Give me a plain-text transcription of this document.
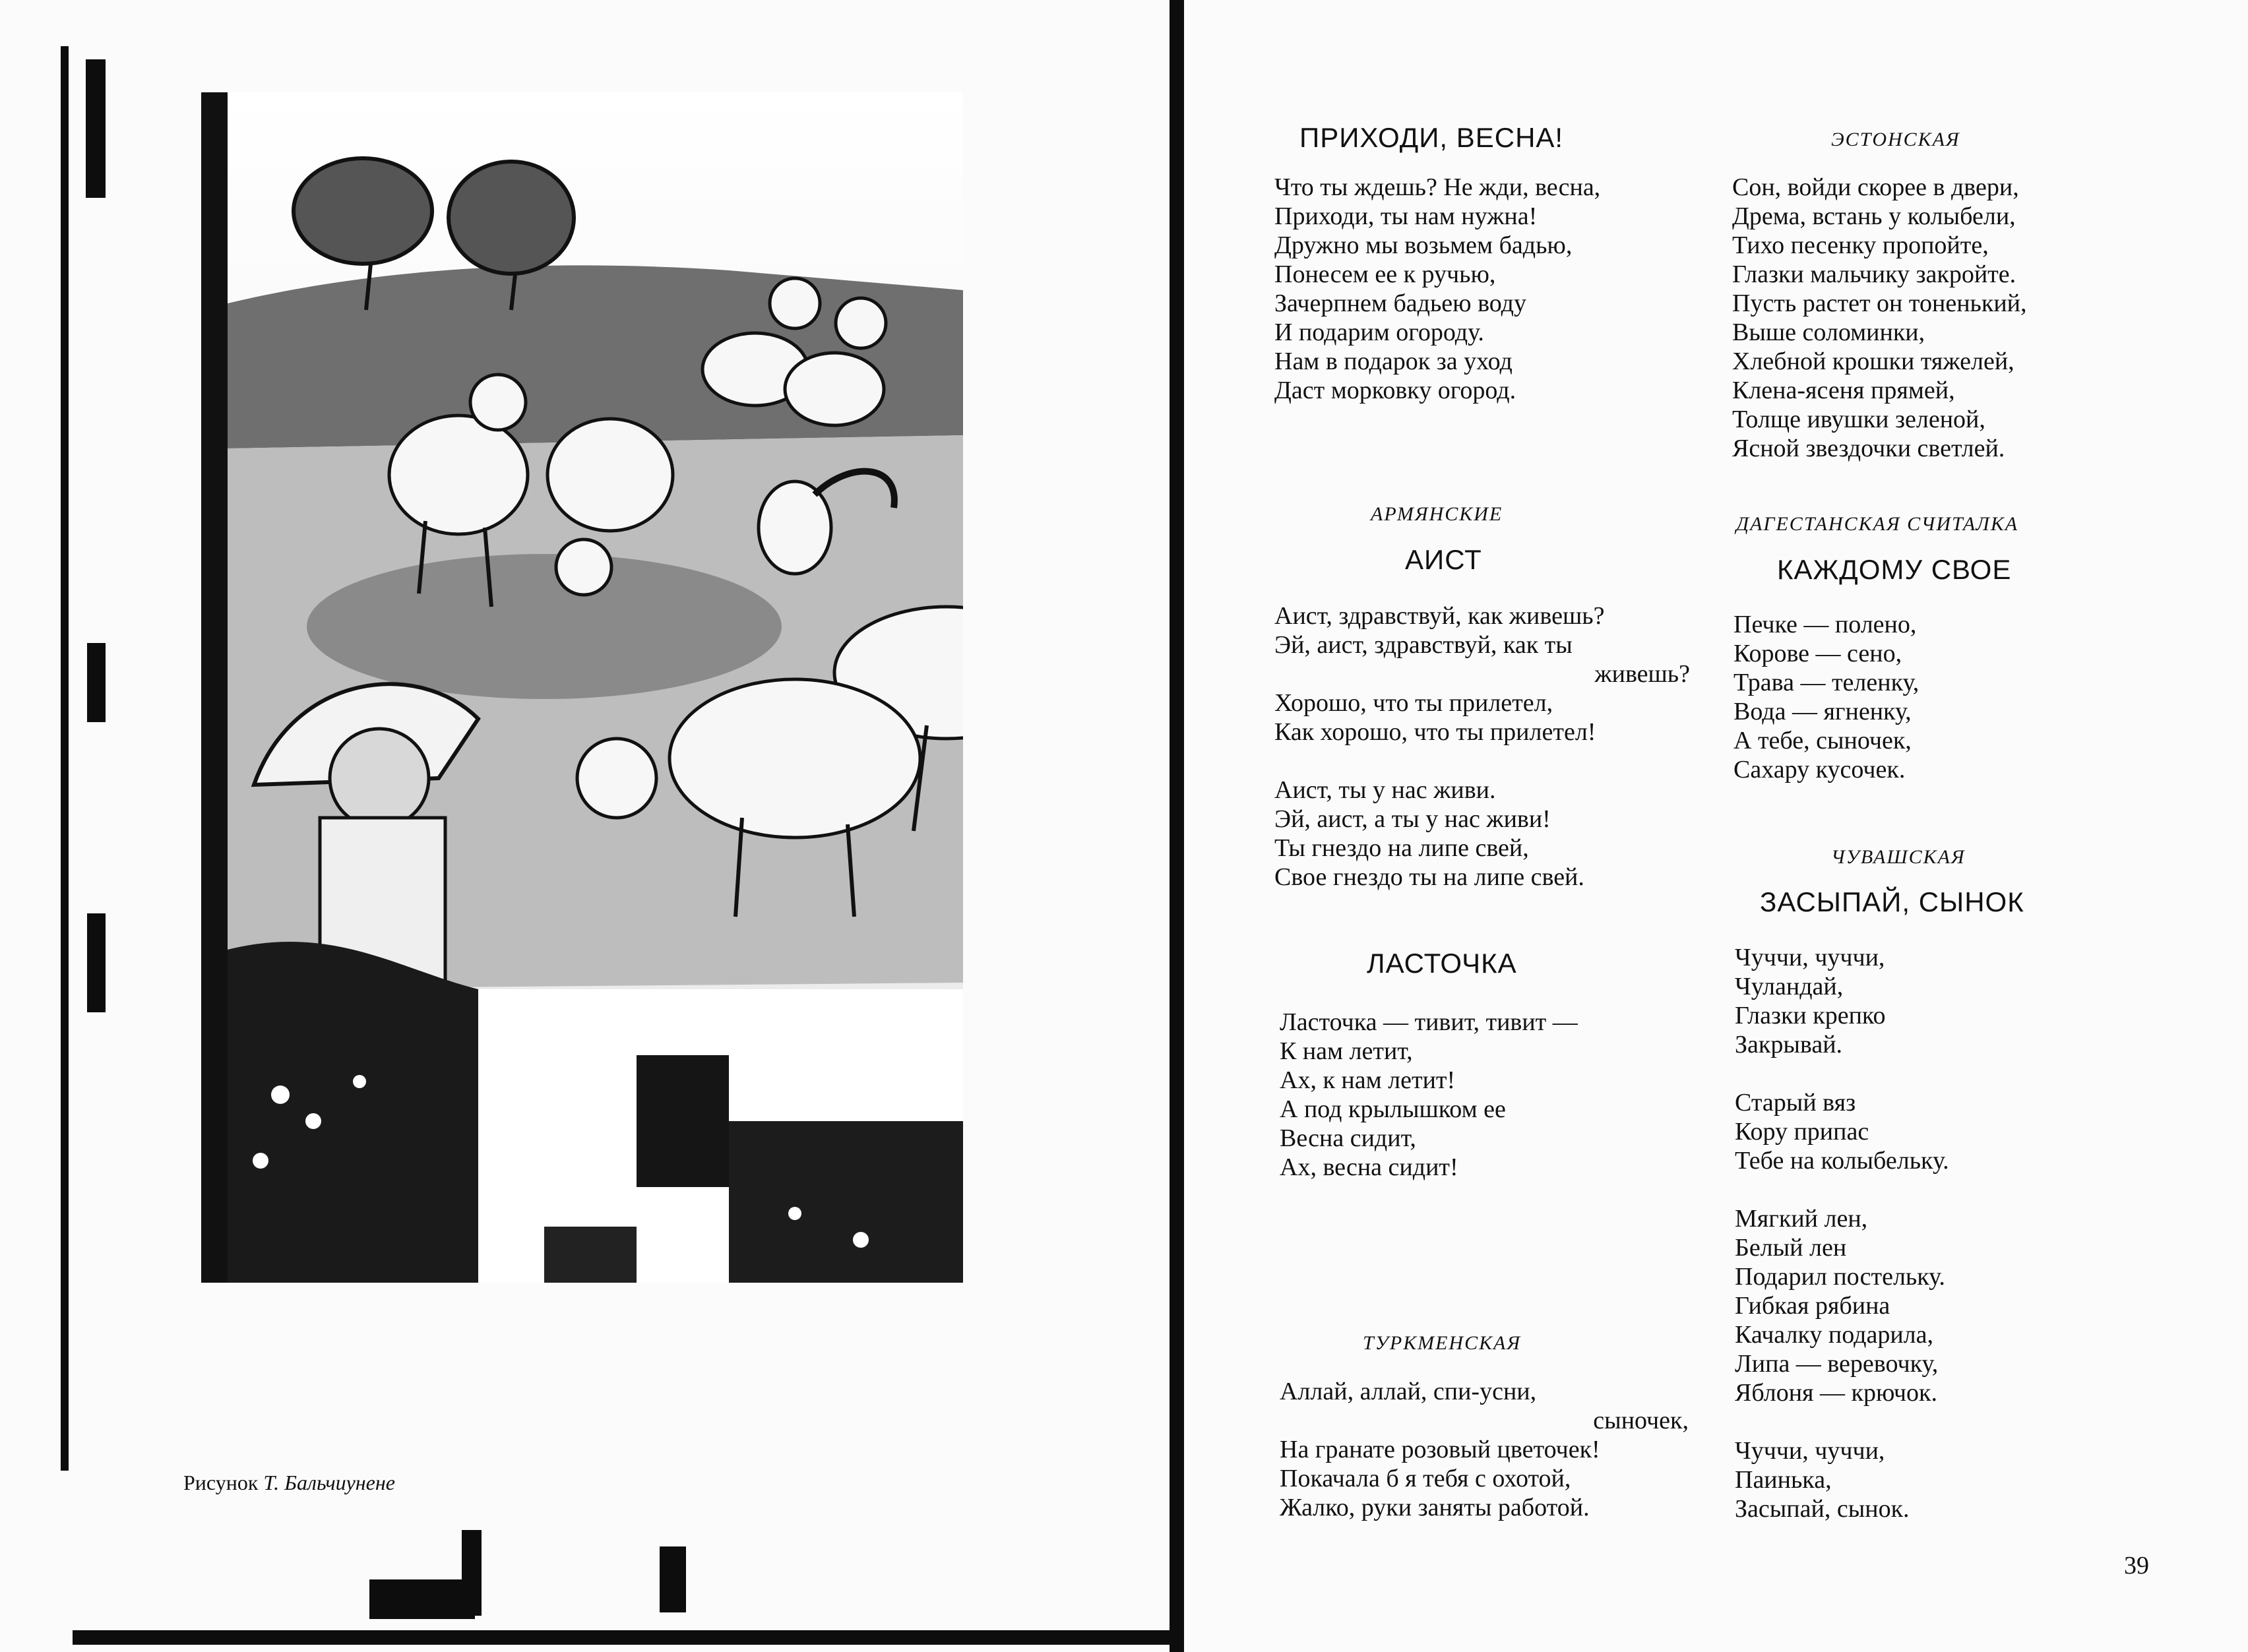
Рисунок Т. Бальчиунене
ПРИХОДИ, ВЕСНА!
Что ты ждешь? Не жди, весна,
Приходи, ты нам нужна!
Дружно мы возьмем бадью,
Понесем ее к ручью,
Зачерпнем бадьею воду
И подарим огороду.
Нам в подарок за уход
Даст морковку огород.
ЭСТОНСКАЯ
Сон, войди скорее в двери,
Дрема, встань у колыбели,
Тихо песенку пропойте,
Глазки мальчику закройте.
Пусть растет он тоненький,
Выше соломинки,
Хлебной крошки тяжелей,
Клена-ясеня прямей,
Толще ивушки зеленой,
Ясной звездочки светлей.
АРМЯНСКИЕ
АИСТ
Аист, здравствуй, как живешь?
Эй, аист, здравствуй, как ты
живешь?
Хорошо, что ты прилетел,
Как хорошо, что ты прилетел!
Аист, ты у нас живи.
Эй, аист, а ты у нас живи!
Ты гнездо на липе свей,
Свое гнездо ты на липе свей.
ДАГЕСТАНСКАЯ СЧИТАЛКА
КАЖДОМУ СВОЕ
Печке — полено,
Корове — сено,
Трава — теленку,
Вода — ягненку,
А тебе, сыночек,
Сахару кусочек.
ЛАСТОЧКА
Ласточка — тивит, тивит —
К нам летит,
Ах, к нам летит!
А под крылышком ее
Весна сидит,
Ах, весна сидит!
ЧУВАШСКАЯ
ЗАСЫПАЙ, СЫНОК
Чуччи, чуччи,
Чуландай,
Глазки крепко
Закрывай.
Старый вяз
Кору припас
Тебе на колыбельку.
Мягкий лен,
Белый лен
Подарил постельку.
Гибкая рябина
Качалку подарила,
Липа — веревочку,
Яблоня — крючок.
Чуччи, чуччи,
Паинька,
Засыпай, сынок.
ТУРКМЕНСКАЯ
Аллай, аллай, спи-усни,
сыночек,
На гранате розовый цветочек!
Покачала б я тебя с охотой,
Жалко, руки заняты работой.
39
